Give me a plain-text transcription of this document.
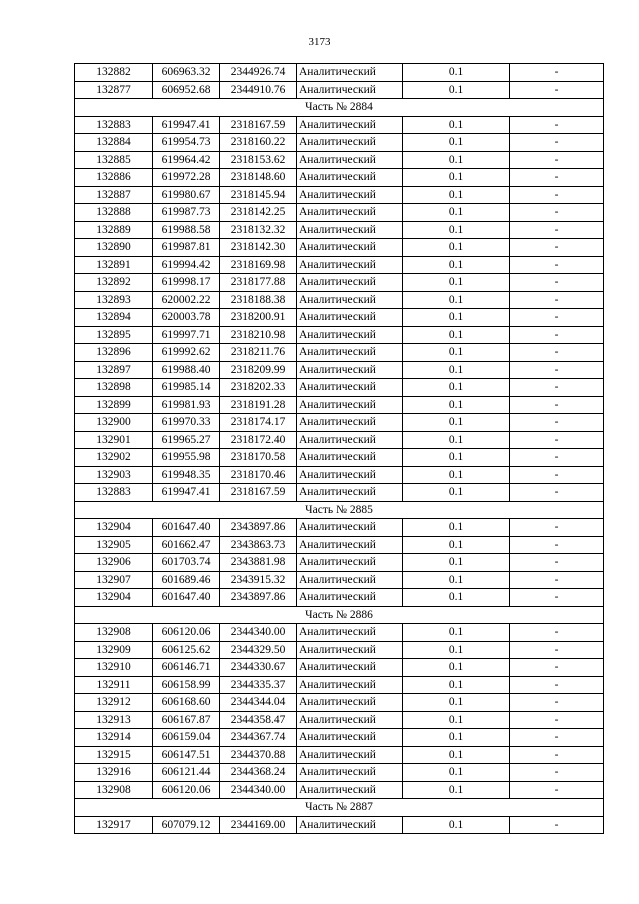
3173
132882	606963.32	2344926.74	Аналитический	0.1	-
132877	606952.68	2344910.76	Аналитический	0.1	-
Часть № 2884					
132883	619947.41	2318167.59	Аналитический	0.1	-
132884	619954.73	2318160.22	Аналитический	0.1	-
132885	619964.42	2318153.62	Аналитический	0.1	-
132886	619972.28	2318148.60	Аналитический	0.1	-
132887	619980.67	2318145.94	Аналитический	0.1	-
132888	619987.73	2318142.25	Аналитический	0.1	-
132889	619988.58	2318132.32	Аналитический	0.1	-
132890	619987.81	2318142.30	Аналитический	0.1	-
132891	619994.42	2318169.98	Аналитический	0.1	-
132892	619998.17	2318177.88	Аналитический	0.1	-
132893	620002.22	2318188.38	Аналитический	0.1	-
132894	620003.78	2318200.91	Аналитический	0.1	-
132895	619997.71	2318210.98	Аналитический	0.1	-
132896	619992.62	2318211.76	Аналитический	0.1	-
132897	619988.40	2318209.99	Аналитический	0.1	-
132898	619985.14	2318202.33	Аналитический	0.1	-
132899	619981.93	2318191.28	Аналитический	0.1	-
132900	619970.33	2318174.17	Аналитический	0.1	-
132901	619965.27	2318172.40	Аналитический	0.1	-
132902	619955.98	2318170.58	Аналитический	0.1	-
132903	619948.35	2318170.46	Аналитический	0.1	-
132883	619947.41	2318167.59	Аналитический	0.1	-
Часть № 2885					
132904	601647.40	2343897.86	Аналитический	0.1	-
132905	601662.47	2343863.73	Аналитический	0.1	-
132906	601703.74	2343881.98	Аналитический	0.1	-
132907	601689.46	2343915.32	Аналитический	0.1	-
132904	601647.40	2343897.86	Аналитический	0.1	-
Часть № 2886					
132908	606120.06	2344340.00	Аналитический	0.1	-
132909	606125.62	2344329.50	Аналитический	0.1	-
132910	606146.71	2344330.67	Аналитический	0.1	-
132911	606158.99	2344335.37	Аналитический	0.1	-
132912	606168.60	2344344.04	Аналитический	0.1	-
132913	606167.87	2344358.47	Аналитический	0.1	-
132914	606159.04	2344367.74	Аналитический	0.1	-
132915	606147.51	2344370.88	Аналитический	0.1	-
132916	606121.44	2344368.24	Аналитический	0.1	-
132908	606120.06	2344340.00	Аналитический	0.1	-
Часть № 2887					
132917	607079.12	2344169.00	Аналитический	0.1	-
